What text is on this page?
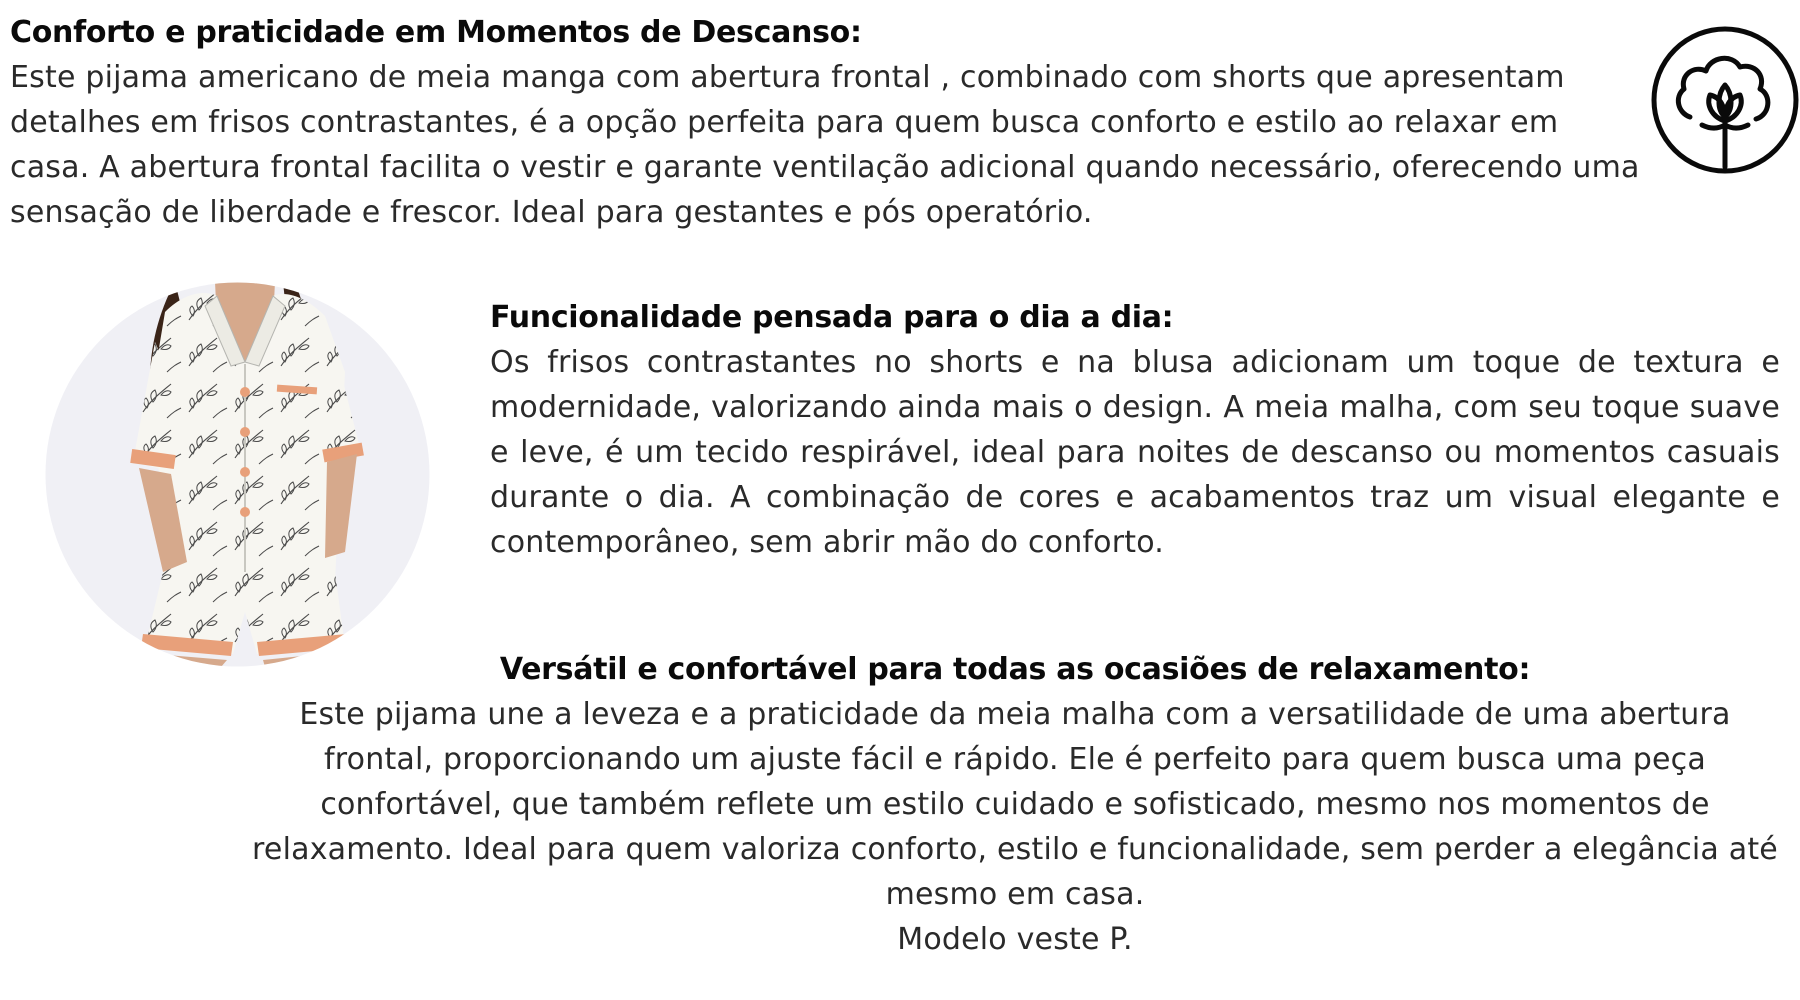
Conforto e praticidade em Momentos de Descanso:
Este pijama americano de meia manga com abertura frontal , combinado com shorts que apresentam detalhes em frisos contrastantes, é a opção perfeita para quem busca conforto e estilo ao relaxar em casa. A abertura frontal facilita o vestir e garante ventilação adicional quando necessário, oferecendo uma sensação de liberdade e frescor. Ideal para gestantes e pós operatório.
Funcionalidade pensada para o dia a dia:
Os frisos contrastantes no shorts e na blusa adicionam um toque de textura e modernidade, valorizando ainda mais o design. A meia malha, com seu toque suave e leve, é um tecido respirável, ideal para noites de descanso ou momentos casuais durante o dia. A combinação de cores e acabamentos traz um visual elegante e contemporâneo, sem abrir mão do conforto.
Versátil e confortável para todas as ocasiões de relaxamento:
Este pijama une a leveza e a praticidade da meia malha com a versatilidade de uma abertura frontal, proporcionando um ajuste fácil e rápido. Ele é perfeito para quem busca uma peça confortável, que também reflete um estilo cuidado e sofisticado, mesmo nos momentos de relaxamento. Ideal para quem valoriza conforto, estilo e funcionalidade, sem perder a elegância até mesmo em casa.
Modelo veste P.
